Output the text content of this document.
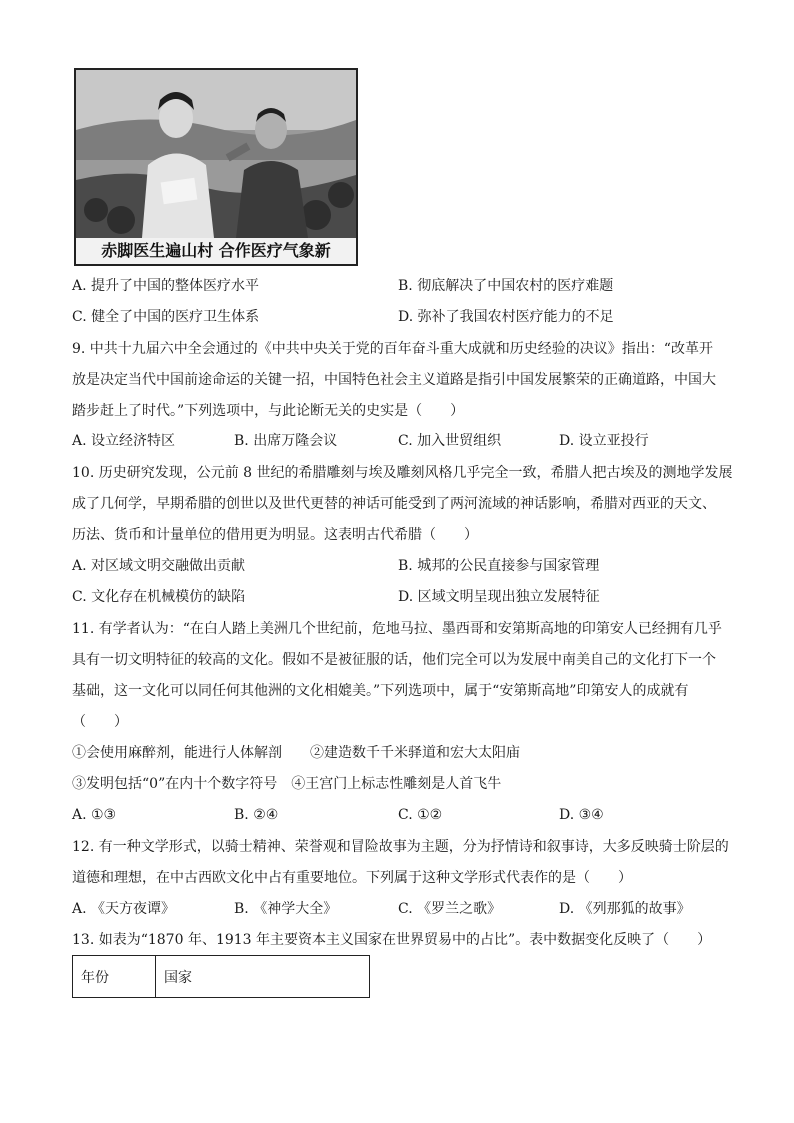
赤脚医生遍山村 合作医疗气象新
A. 提升了中国的整体医疗水平	B. 彻底解决了中国农村的医疗难题
C. 健全了中国的医疗卫生体系	D. 弥补了我国农村医疗能力的不足
9. 中共十九届六中全会通过的《中共中央关于党的百年奋斗重大成就和历史经验的决议》指出：“改革开
放是决定当代中国前途命运的关键一招，中国特色社会主义道路是指引中国发展繁荣的正确道路，中国大
踏步赶上了时代。”下列选项中，与此论断无关的史实是（　　）
A. 设立经济特区	B. 出席万隆会议	C. 加入世贸组织	D. 设立亚投行
10. 历史研究发现，公元前 8 世纪的希腊雕刻与埃及雕刻风格几乎完全一致，希腊人把古埃及的测地学发展
成了几何学，早期希腊的创世以及世代更替的神话可能受到了两河流域的神话影响，希腊对西亚的天文、
历法、货币和计量单位的借用更为明显。这表明古代希腊（　　）
A. 对区域文明交融做出贡献	B. 城邦的公民直接参与国家管理
C. 文化存在机械模仿的缺陷	D. 区域文明呈现出独立发展特征
11. 有学者认为：“在白人踏上美洲几个世纪前，危地马拉、墨西哥和安第斯高地的印第安人已经拥有几乎
具有一切文明特征的较高的文化。假如不是被征服的话，他们完全可以为发展中南美自己的文化打下一个
基础，这一文化可以同任何其他洲的文化相媲美。”下列选项中，属于“安第斯高地”印第安人的成就有
（　　）
①会使用麻醉剂，能进行人体解剖　　②建造数千千米驿道和宏大太阳庙
③发明包括“0”在内十个数字符号　④王宫门上标志性雕刻是人首飞牛
A. ①③	B. ②④	C. ①②	D. ③④
12. 有一种文学形式，以骑士精神、荣誉观和冒险故事为主题，分为抒情诗和叙事诗，大多反映骑士阶层的
道德和理想，在中古西欧文化中占有重要地位。下列属于这种文学形式代表作的是（　　）
A. 《天方夜谭》	B. 《神学大全》	C. 《罗兰之歌》	D. 《列那狐的故事》
13. 如表为“1870 年、1913 年主要资本主义国家在世界贸易中的占比”。表中数据变化反映了（　　）
年份	国家
